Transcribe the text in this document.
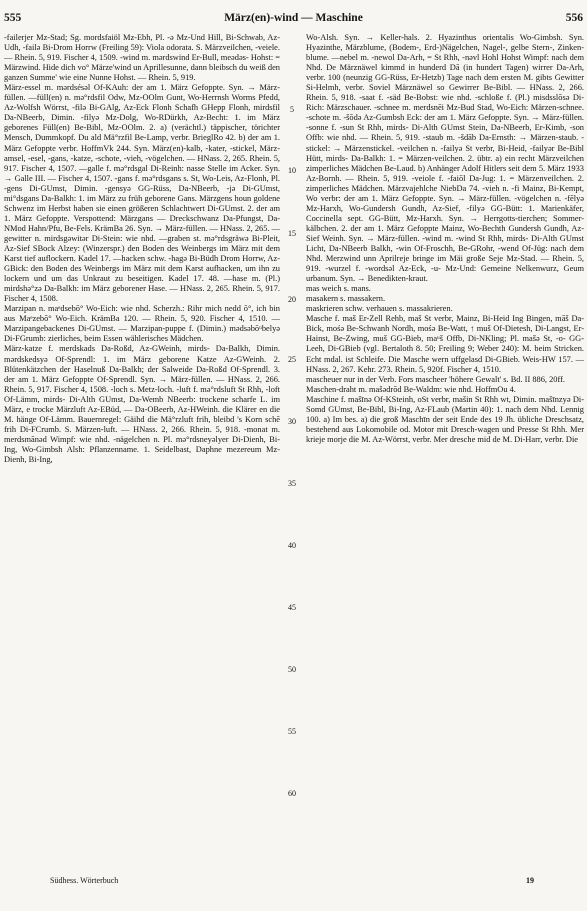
555	März(en)-wind — Maschine	556

-failerjer Mz-Stad; Sg. mordsfaiöl Mz-Ebh, Pl. -ə Mz-Und Hill, Bi-Schwab, Az-Udh, -failə Bi-Drom Horrw (Freiling 59): Viola odorata. S. Märzveilchen, -veiele. — Rhein. 5, 919. Fischer 4, 1509. -wind m. mərdswind Er-Bull, meədəs- Hohst: = Märzwind. Hide dich vo° Märze'wind un Aprillesunne, dann bleibsch du weiß den ganzen Summe' wie eine Nunne Hohst. — Rhein. 5, 919.

März-essel m. mərdsésəl Of-KAuh: der am 1. März Gefoppte. Syn. → März-füllen. —füll(en) n. mə°rdsfil Odw, Mz-OOlm Gunt, Wo-Herrnsh Worms Pfedd, Az-Wolfsh Wörrst, -filə Bi-GAlg, Az-Eck Flonh Schafh GHepp Flonh, mirdsfil Da-NBeerb, Dimin. -filyə Mz-Dolg, Wo-RDürkh, Az-Becht: 1. im März geborenes Füll(en) Be-Bibl, Mz-OOlm. 2. a) (verächtl.) täppischer, törichter Mensch, Dummkopf. Du ald Mä°rzfil Be-Lamp, verbr. BrieglRo 42. b) der am 1. März Gefoppte verbr. HoffmVk 244. Syn. März(en)-kalb, -kater, -stickel, März-amsel, -esel, -gans, -katze, -schote, -vieh, -vögelchen. — HNass. 2, 265. Rhein. 5, 917. Fischer 4, 1507. —galle f. mə°rdsgal Di-Reinh: nasse Stelle im Acker. Syn. → Galle III. — Fischer 4, 1507. -gans f. mə°rdsgans s. St, Wo-Leis, Az-Flonh, Pl. -gens Di-GUmst, Dimin. -gensyə GG-Rüss, Da-NBeerb, -jə Di-GUmst, mi°dsgans Da-Balkh: 1. im März zu früh geborene Gans. Märzgens houn goldene Schwenz im Herbst haben sie einen größeren Schlachtwert Di-GUmst. 2. der am 1. März Gefoppte. Verspottend: Märzgans — Dreckschwanz Da-Pfungst, Da-NMod Hahn/Pfu, Be-Fels. KrämBa 26. Syn. → März-füllen. — HNass. 2, 265. —gewitter n. mirdsgəwitər Di-Stein: wie nhd. —graben st. mə°rdsgräwə Bi-Pleit, Az-Sief SBock Alzey: (Winzerspr.) den Boden des Weinbergs im März mit dem Karst tief auflockern. Kadel 17. —hacken schw. -hagə Bi-Büdh Drom Horrw, Az-GBick: den Boden des Weinbergs im März mit dem Karst aufhacken, um ihn zu lockern und um das Unkraut zu beseitigen. Kadel 17. 48. —hase m. (Pl.) mirdshə°zə Da-Balkh: im März geborener Hase. — HNass. 2, 265. Rhein. 5, 917. Fischer 4, 1508.

Marzipan n. maᵉdsebō° Wo-Eich: wie nhd. Scherzh.: Rihr mich nedd ō°, ich bin aus Maᵉzebō° Wo-Eich. KrämBa 120. — Rhein. 5, 920. Fischer 4, 1510. — Marzipangebackenes Di-GUmst. — Marzipan-puppe f. (Dimin.) mədsəbōᵘbelyə Di-FGrumb: zierliches, beim Essen wählerisches Mädchen.

März-katze f. merdskads Da-Roßd, Az-GWeinh, mirds- Da-Balkh, Dimin. mərdskedsyə Of-Sprendl: 1. im März geborene Katze Az-GWeinh. 2. Blütenkätzchen der Haselnuß Da-Balkh; der Salweide Da-Roßd Of-Sprendl. 3. der am 1. März Gefoppte Of-Sprendl. Syn. → März-füllen. — HNass. 2, 266. Rhein. 5, 917. Fischer 4, 1508. -loch s. Metz-loch. -luft f. mə°rdsluft St Rhh, -loft Of-Lämm, mirds- Di-Alth GUmst, Da-Wemb NBeerb: trockene scharfe L. im März, e trocke Märzluft Az-EBüd, — Da-OBeerb, Az-HWeinh. die Klärer en die M. hänge Of-Lämm. Bauernregel: Gäihd die Mä°rzluft frih, bleibd 's Korn schē frih Di-FCrumb. S. Märzen-luft. — HNass. 2, 266. Rhein. 5, 918. -monat m. merdsmānəd Wimpf: wie nhd. -nägelchen n. Pl. mə°rdsneyəlyer Di-Dienh, Bi-Ing, Wo-Gimbsh Alsh: Pflanzenname. 1. Seidelbast, Daphne mezereum Mz-Dienh, Bi-Ing,

5
10
15
20
25
30
35
40
45
50
55
60

Wo-Alsh. Syn. → Keller-hals. 2. Hyazinthus orientalis Wo-Gimbsh. Syn. Hyazinthe, Märzblume, (Bodem-, Erd-)Nägelchen, Nagel-, gelbe Stern-, Zinken-blume. —nebel m. -newol Da-Arh, = St Rhh, -nəvl Hohl Hohst Wimpf: nach dem Nhd. De Märznäwel kimmd in hunderd Dā (in hundert Tagen) wirrer Da-Arh, verbr. 100 (neunzig GG-Rüss, Er-Hetzb) Tage nach dem ersten M. gibts Gewitter Si-Helmh, verbr. Soviel Märznäwel so Gewirrer Be-Bibl. — HNass. 2, 266. Rhein. 5, 918. -saat f. -säd Be-Bobst: wie nhd. -schloße f. (Pl.) misdsslōsə Di-Rich: Märzschauer. -schnee m. merdsnēi Mz-Bud Stad, Wo-Eich: Märzen-schnee. -schote m. -šōdə Az-Gumbsh Eck: der am 1. März Gefoppte. Syn. → März-füllen. -sonne f. -sun St Rhh, mirds- Di-Alth GUmst Stein, Da-NBeerb, Er-Kimb, -son Offb: wie nhd. — Rhein. 5, 919. -staub m. -šdāb Da-Ernsth: → Märzen-staub. -stickel: → Märzenstickel. -veilchen n. -failyə St verbr, Bi-Heid, -failyər Be-Bibl Hütt, mirds- Da-Balkh: 1. = Märzen-veilchen. 2. übtr. a) ein recht Märzveilchen zimperliches Mädchen Be-Laud. b) Anhänger Adolf Hitlers seit dem 5. März 1933 Az-Bornh. — Rhein. 5, 919. -veiole f. -faiōl Da-Jug: 1. = Märzenveilchen. 2. zimperliches Mädchen. Märzvajehlche NiebDa 74. -vieh n. -fi Mainz, Bi-Kempt, Wo verbr: der am 1. März Gefoppte. Syn. → März-füllen. -vögelchen n. -fēlyə Mz-Harxh, Wo-Gundersh Gundh, Az-Sief, -filyə GG-Bütt: 1. Marienkäfer, Coccinella sept. GG-Bütt, Mz-Harxh. Syn. → Herrgotts-tierchen; Sommer-kälbchen. 2. der am 1. März Gefoppte Mainz, Wo-Bechth Gundersh Gundh, Az-Sief Weinh. Syn. → März-füllen. -wind m. -wind St Rhh, mirds- Di-Alth GUmst Licht, Da-NBeerb Balkh, -win Of-Froschh, Be-GRohr, -wend Of-Jüg: nach dem Nhd. Merzwind unn Aprilreje bringe im Mäi große Seje Mz-Stad. — Rhein. 5, 919. -wurzel f. -wordsəl Az-Eck, -u- Mz-Und: Gemeine Nelkenwurz, Geum urbanum. Syn. → Benedikten-kraut.

mas weich s. mans.

masakern s. massakern.

maskrieren schw. verhauen s. massakrieren.

Masche f. maš Er-Zell Rehb, maš St verbr, Mainz, Bi-Heid Ing Bingen, māš Da-Bick, mośə Be-Schwanh Nordh, mośə Be-Watt, ↑ muš Of-Dietesh, Di-Langst, Er-Hainst, Be-Zwing, muš GG-Bieb, maᵘš Offb, Di-NKling; Pl. mašə St, -o- GG-Leeh, Di-GBieb (vgl. Bertaloth 8. 50; Freiling 9; Weber 240): M. beim Stricken. Echt mdal. ist Schleife. Die Masche wern uffgelasd Di-GBieb. Weis-HW 157. — HNass. 2, 267. Kehr. 273. Rhein. 5, 920f. Fischer 4, 1510.

mascheuer nur in der Verb. Fors mascheer 'höhere Gewalt' s. Bd. II 886, 20ff.

Maschen-draht m. mašədrōd Be-Waldm: wie nhd. HoffmOu 4.

Maschine f. mašīnə Of-KSteinh, oSt verbr, mašin St Rhh wt, Dimin. mašīnzyə Di-Somd GUmst, Be-Bibl, Bi-Ing, Az-FLaub (Martin 40): 1. nach dem Nhd. Lennig 100. a) Im bes. a) die groß Maschīn der seit Ende des 19 Jh. übliche Dreschsatz, bestehend aus Lokomobile od. Motor mit Dresch-wagen und Presse St Rhh. Mer krieje morje die M. Az-Wörrst, verbr. Mer dresche mid de M. Di-Harr, verbr. Die

Südhess. Wörterbuch	19
